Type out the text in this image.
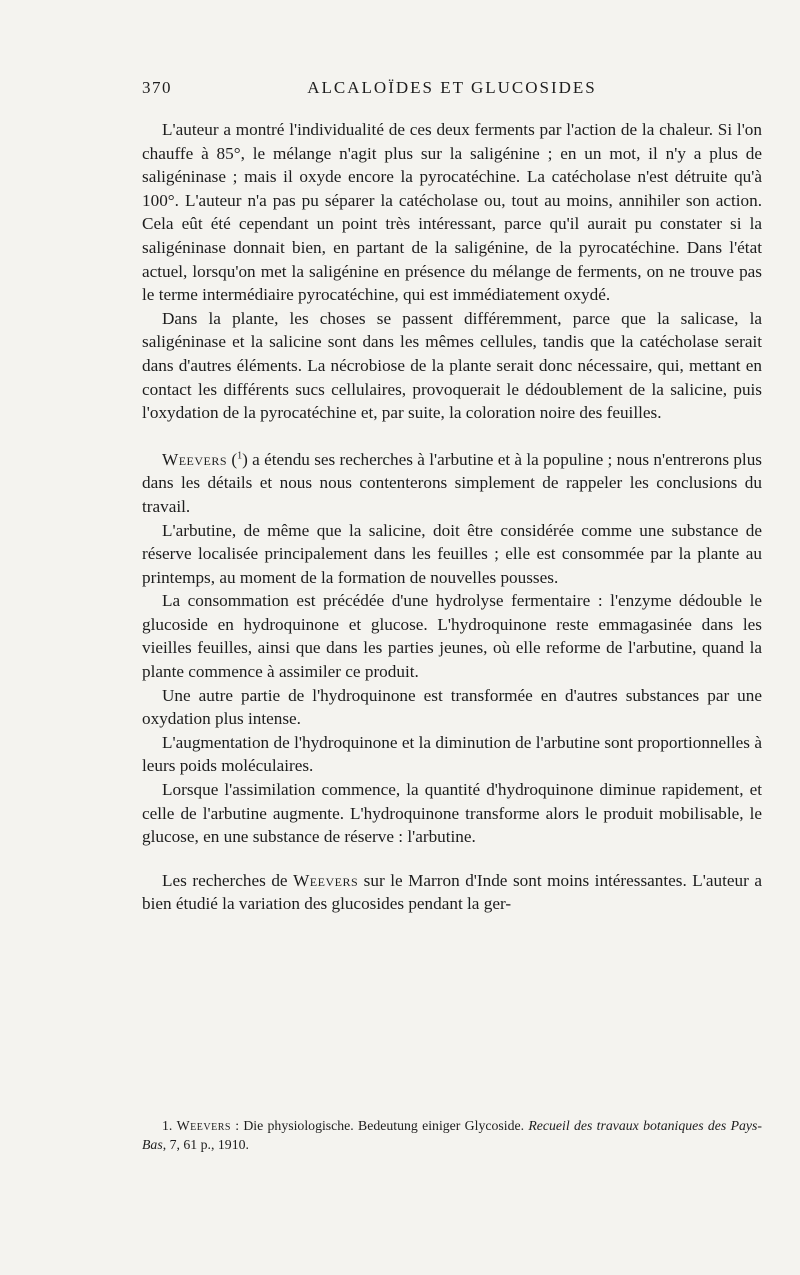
370	ALCALOÏDES ET GLUCOSIDES

L'auteur a montré l'individualité de ces deux ferments par l'action de la chaleur. Si l'on chauffe à 85°, le mélange n'agit plus sur la saligénine ; en un mot, il n'y a plus de saligéninase ; mais il oxyde encore la pyrocatéchine. La catécholase n'est détruite qu'à 100°. L'auteur n'a pas pu séparer la catécholase ou, tout au moins, annihiler son action. Cela eût été cependant un point très intéressant, parce qu'il aurait pu constater si la saligéninase donnait bien, en partant de la saligénine, de la pyrocatéchine. Dans l'état actuel, lorsqu'on met la saligénine en présence du mélange de ferments, on ne trouve pas le terme intermédiaire pyrocatéchine, qui est immédiatement oxydé.

Dans la plante, les choses se passent différemment, parce que la salicase, la saligéninase et la salicine sont dans les mêmes cellules, tandis que la catécholase serait dans d'autres éléments. La nécrobiose de la plante serait donc nécessaire, qui, mettant en contact les différents sucs cellulaires, provoquerait le dédoublement de la salicine, puis l'oxydation de la pyrocatéchine et, par suite, la coloration noire des feuilles.

Weevers ($^1$) a étendu ses recherches à l'arbutine et à la populine ; nous n'entrerons plus dans les détails et nous nous contenterons simplement de rappeler les conclusions du travail.

L'arbutine, de même que la salicine, doit être considérée comme une substance de réserve localisée principalement dans les feuilles ; elle est consommée par la plante au printemps, au moment de la formation de nouvelles pousses.

La consommation est précédée d'une hydrolyse fermentaire : l'enzyme dédouble le glucoside en hydroquinone et glucose. L'hydroquinone reste emmagasinée dans les vieilles feuilles, ainsi que dans les parties jeunes, où elle reforme de l'arbutine, quand la plante commence à assimiler ce produit.

Une autre partie de l'hydroquinone est transformée en d'autres substances par une oxydation plus intense.

L'augmentation de l'hydroquinone et la diminution de l'arbutine sont proportionnelles à leurs poids moléculaires.

Lorsque l'assimilation commence, la quantité d'hydroquinone diminue rapidement, et celle de l'arbutine augmente. L'hydroquinone transforme alors le produit mobilisable, le glucose, en une substance de réserve : l'arbutine.

Les recherches de Weevers sur le Marron d'Inde sont moins intéressantes. L'auteur a bien étudié la variation des glucosides pendant la ger-

1. Weevers : Die physiologische. Bedeutung einiger Glycoside. Recueil des travaux botaniques des Pays-Bas, 7, 61 p., 1910.
